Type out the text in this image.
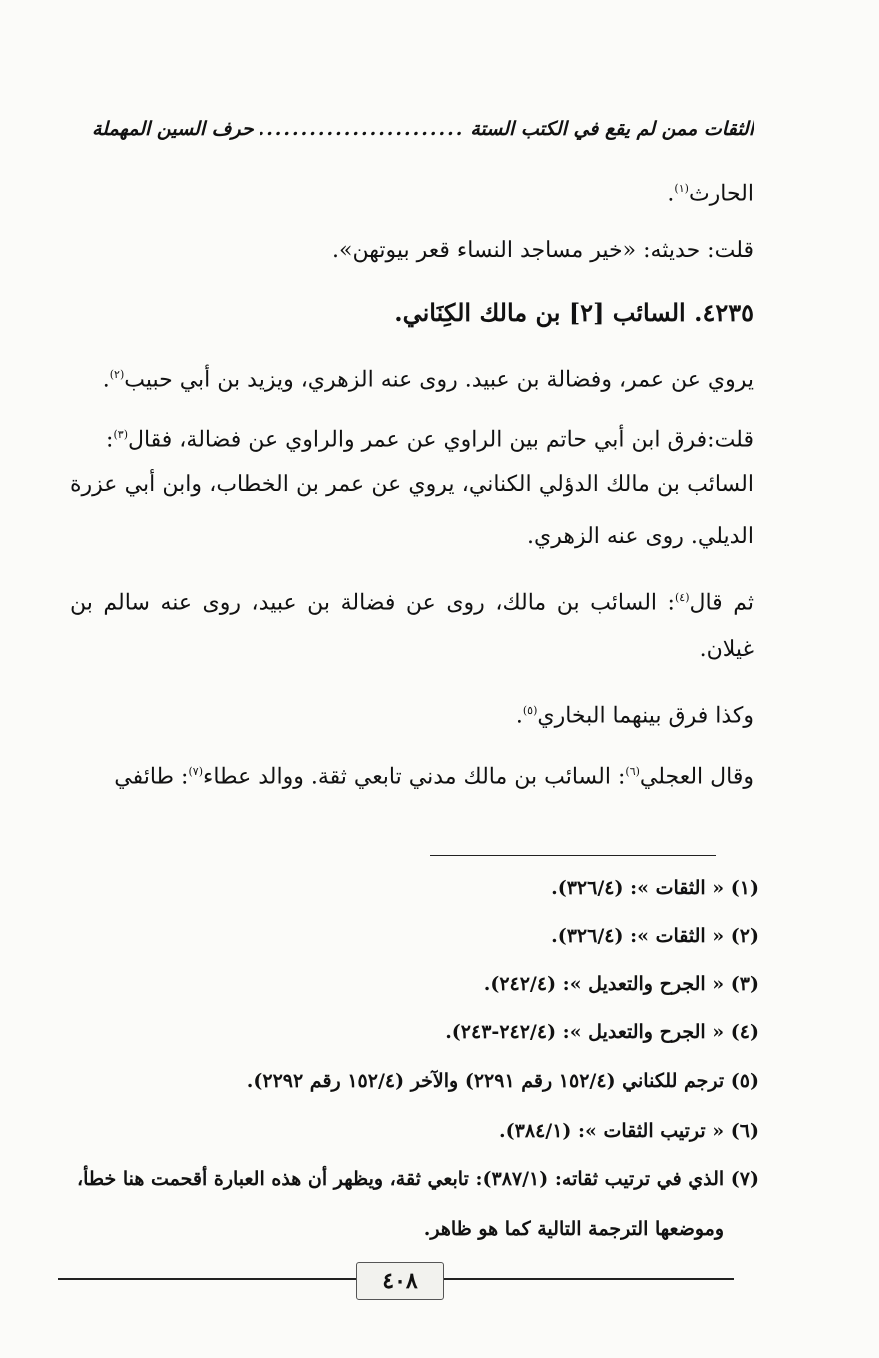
الثقات ممن لم يقع في الكتب الستة
.....
حرف السين المهملة
الحارث$^{(١)}$.
قلت: حديثه: «خير مساجد النساء قعر بيوتهن».
٤٢٣٥. السائب [٢] بن مالك الكِنَاني.
يروي عن عمر، وفضالة بن عبيد. روى عنه الزهري، ويزيد بن أبي حبيب$^{(٢)}$.
قلت:فرق ابن أبي حاتم بين الراوي عن عمر والراوي عن فضالة، فقال$^{(٣)}$:
السائب بن مالك الدؤلي الكناني، يروي عن عمر بن الخطاب، وابن أبي عزرة
الديلي. روى عنه الزهري.
ثم قال$^{(٤)}$: السائب بن مالك، روى عن فضالة بن عبيد، روى عنه سالم بن
غيلان.
وكذا فرق بينهما البخاري$^{(٥)}$.
وقال العجلي$^{(٦)}$: السائب بن مالك مدني تابعي ثقة. ووالد عطاء$^{(٧)}$: طائفي
(١) « الثقات »: (٣٢٦/٤).
(٢) « الثقات »: (٣٢٦/٤).
(٣) « الجرح والتعديل »: (٢٤٢/٤).
(٤) « الجرح والتعديل »: (٢٤٢/٤-٢٤٣).
(٥) ترجم للكناني (١٥٢/٤ رقم ٢٢٩١) والآخر (١٥٢/٤ رقم ٢٢٩٢).
(٦) « ترتيب الثقات »: (٣٨٤/١).
(٧) الذي في ترتيب ثقاته: (٣٨٧/١): تابعي ثقة، ويظهر أن هذه العبارة أقحمت هنا خطأ،
وموضعها الترجمة التالية كما هو ظاهر.
٤٠٨
